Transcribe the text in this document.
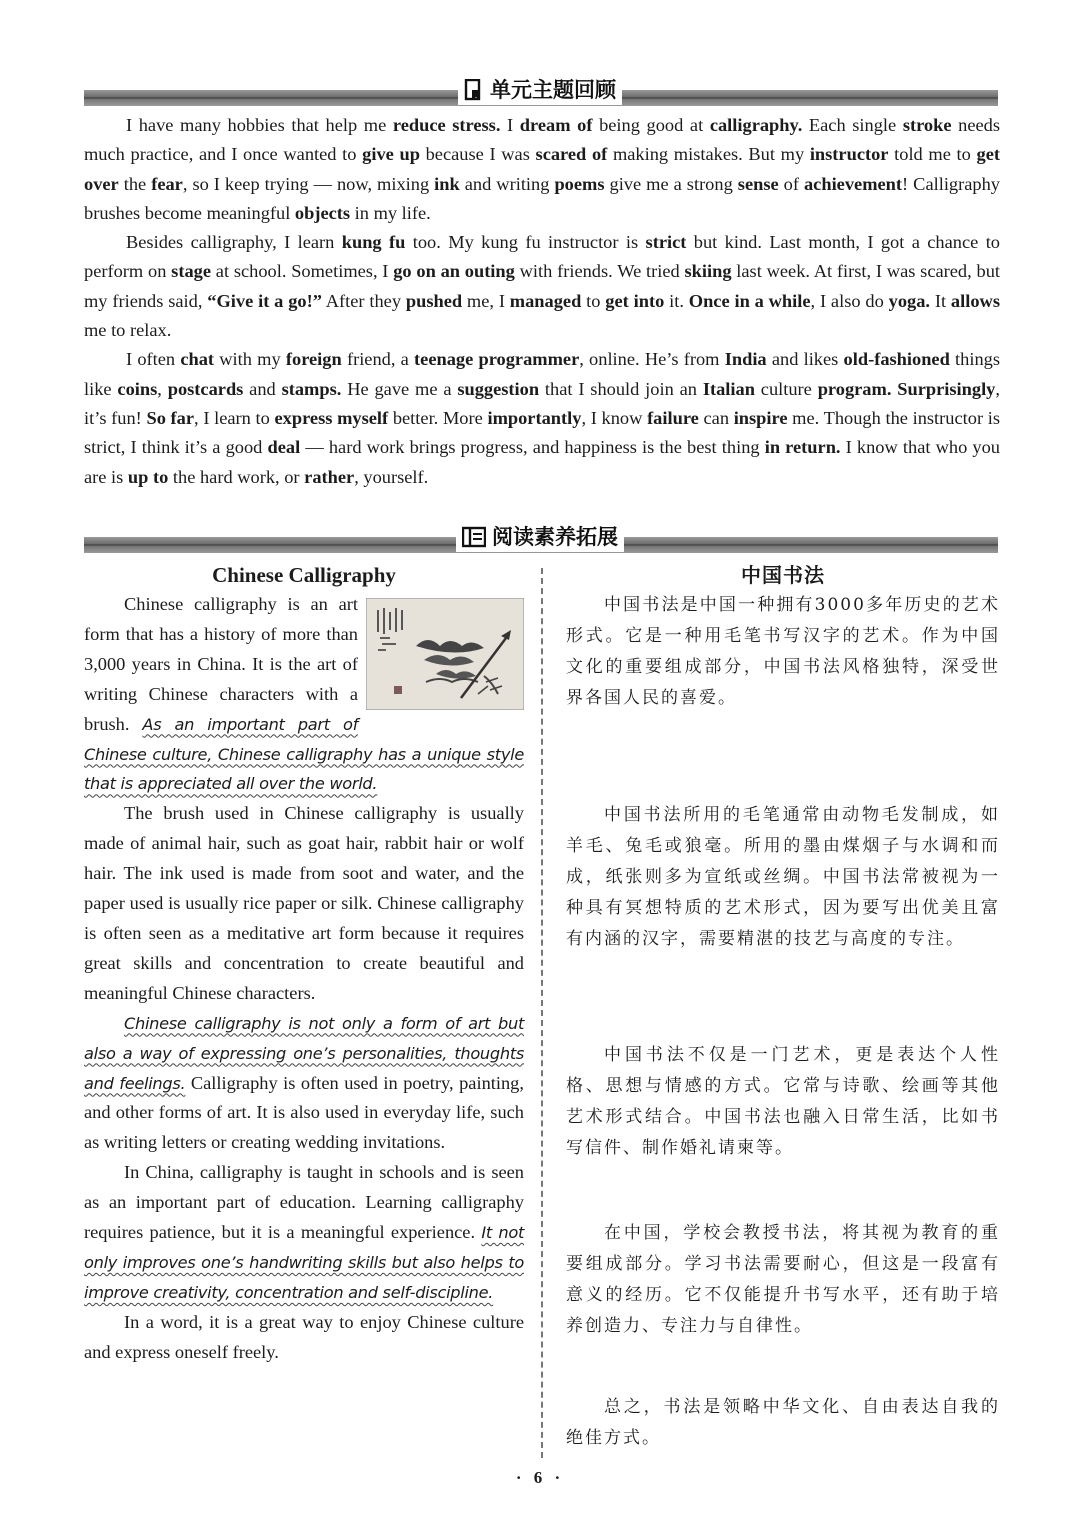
单元主题回顾

I have many hobbies that help me reduce stress. I dream of being good at calligraphy. Each single stroke needs much practice, and I once wanted to give up because I was scared of making mistakes. But my instructor told me to get over the fear, so I keep trying — now, mixing ink and writing poems give me a strong sense of achievement! Calligraphy brushes become meaningful objects in my life.

Besides calligraphy, I learn kung fu too. My kung fu instructor is strict but kind. Last month, I got a chance to perform on stage at school. Sometimes, I go on an outing with friends. We tried skiing last week. At first, I was scared, but my friends said, “Give it a go!” After they pushed me, I managed to get into it. Once in a while, I also do yoga. It allows me to relax.

I often chat with my foreign friend, a teenage programmer, online. He’s from India and likes old-fashioned things like coins, postcards and stamps. He gave me a suggestion that I should join an Italian culture program. Surprisingly, it’s fun! So far, I learn to express myself better. More importantly, I know failure can inspire me. Though the instructor is strict, I think it’s a good deal — hard work brings progress, and happiness is the best thing in return. I know that who you are is up to the hard work, or rather, yourself.

阅读素养拓展
Chinese Calligraphy

Chinese calligraphy is an art form that has a history of more than 3,000 years in China. It is the art of writing Chinese characters with a brush. As an important part of Chinese culture, Chinese calligraphy has a unique style that is appreciated all over the world.

The brush used in Chinese calligraphy is usually made of animal hair, such as goat hair, rabbit hair or wolf hair. The ink used is made from soot and water, and the paper used is usually rice paper or silk. Chinese calligraphy is often seen as a meditative art form because it requires great skills and concentration to create beautiful and meaningful Chinese characters.

Chinese calligraphy is not only a form of art but also a way of expressing one’s personalities, thoughts and feelings. Calligraphy is often used in poetry, painting, and other forms of art. It is also used in everyday life, such as writing letters or creating wedding invitations.

In China, calligraphy is taught in schools and is seen as an important part of education. Learning calligraphy requires patience, but it is a meaningful experience. It not only improves one’s handwriting skills but also helps to improve creativity, concentration and self-discipline.

In a word, it is a great way to enjoy Chinese culture and express oneself freely.

中国书法

中国书法是中国一种拥有3000多年历史的艺术形式。它是一种用毛笔书写汉字的艺术。作为中国文化的重要组成部分，中国书法风格独特，深受世界各国人民的喜爱。

中国书法所用的毛笔通常由动物毛发制成，如羊毛、兔毛或狼毫。所用的墨由煤烟子与水调和而成，纸张则多为宣纸或丝绸。中国书法常被视为一种具有冥想特质的艺术形式，因为要写出优美且富有内涵的汉字，需要精湛的技艺与高度的专注。

中国书法不仅是一门艺术，更是表达个人性格、思想与情感的方式。它常与诗歌、绘画等其他艺术形式结合。中国书法也融入日常生活，比如书写信件、制作婚礼请柬等。

在中国，学校会教授书法，将其视为教育的重要组成部分。学习书法需要耐心，但这是一段富有意义的经历。它不仅能提升书写水平，还有助于培养创造力、专注力与自律性。

总之，书法是领略中华文化、自由表达自我的绝佳方式。

· 6 ·
